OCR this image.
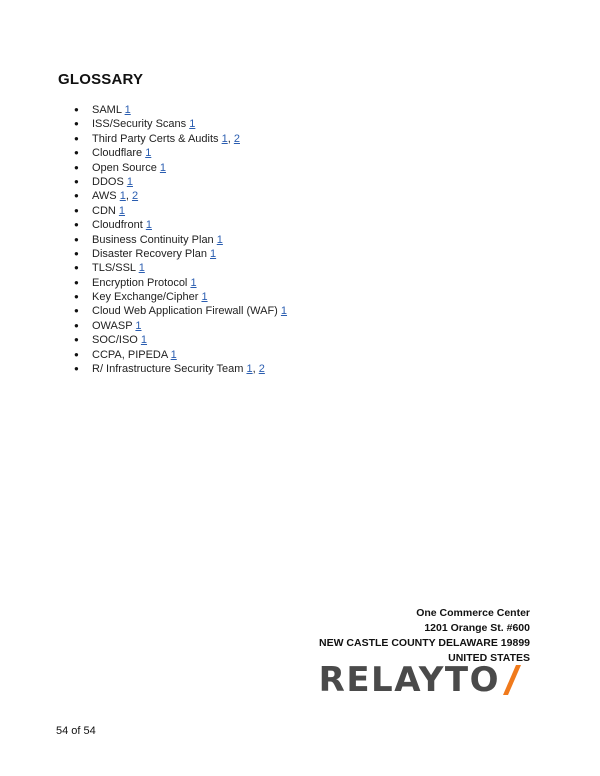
GLOSSARY
● SAML 1
● ISS/Security Scans 1
● Third Party Certs & Audits 1, 2
● Cloudflare 1
● Open Source 1
● DDOS 1
● AWS 1, 2
● CDN 1
● Cloudfront 1
● Business Continuity Plan 1
● Disaster Recovery Plan 1
● TLS/SSL 1
● Encryption Protocol 1
● Key Exchange/Cipher 1
● Cloud Web Application Firewall (WAF) 1
● OWASP 1
● SOC/ISO 1
● CCPA, PIPEDA 1
● R/ Infrastructure Security Team 1, 2
One Commerce Center
1201 Orange St. #600
NEW CASTLE COUNTY DELAWARE 19899
UNITED STATES
RELAYTO
54 of 54
